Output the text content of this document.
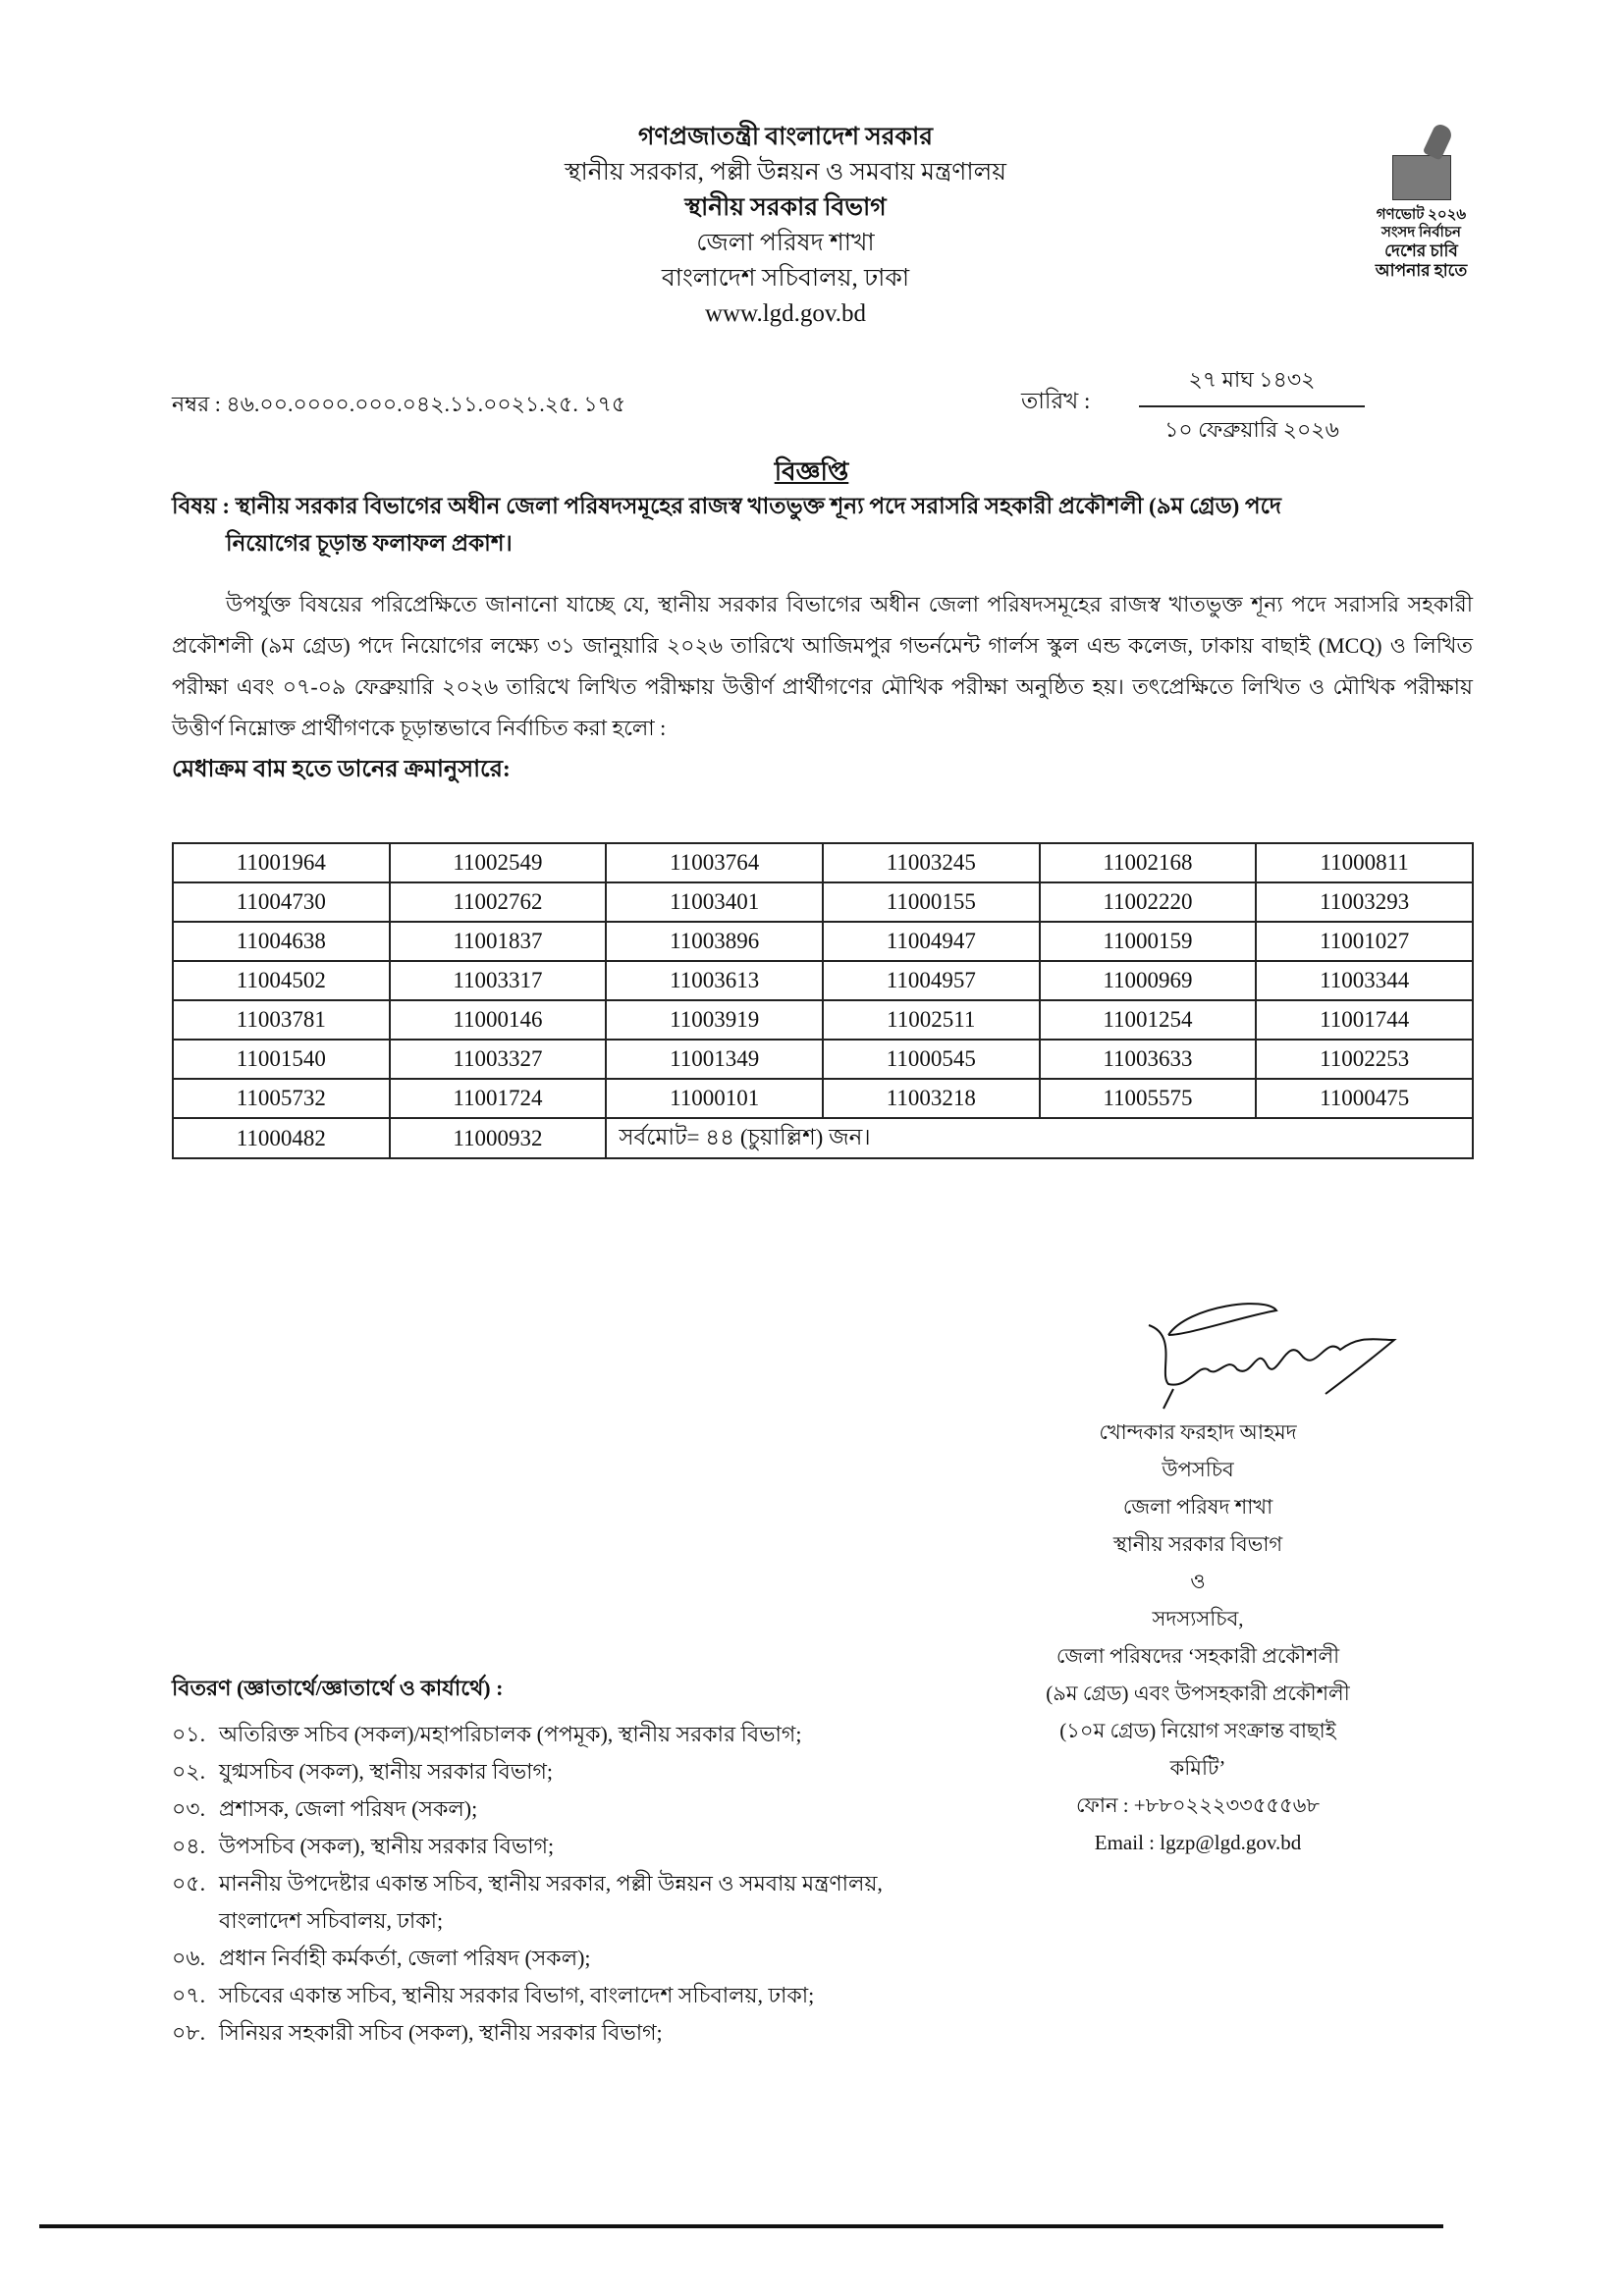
গণপ্রজাতন্ত্রী বাংলাদেশ সরকার
স্থানীয় সরকার, পল্লী উন্নয়ন ও সমবায় মন্ত্রণালয়
স্থানীয় সরকার বিভাগ
জেলা পরিষদ শাখা
বাংলাদেশ সচিবালয়, ঢাকা
www.lgd.gov.bd
গণভোট ২০২৬
সংসদ নির্বাচন
দেশের চাবি
আপনার হাতে
নম্বর : ৪৬.০০.০০০০.০০০.০৪২.১১.০০২১.২৫. ১৭৫	তারিখ :
২৭ মাঘ ১৪৩২
১০ ফেব্রুয়ারি ২০২৬
বিজ্ঞপ্তি
বিষয় : স্থানীয় সরকার বিভাগের অধীন জেলা পরিষদসমূহের রাজস্ব খাতভুক্ত শূন্য পদে সরাসরি সহকারী প্রকৌশলী (৯ম গ্রেড) পদে
নিয়োগের চূড়ান্ত ফলাফল প্রকাশ।
উপর্যুক্ত বিষয়ের পরিপ্রেক্ষিতে জানানো যাচ্ছে যে, স্থানীয় সরকার বিভাগের অধীন জেলা পরিষদসমূহের রাজস্ব খাতভুক্ত শূন্য পদে সরাসরি সহকারী প্রকৌশলী (৯ম গ্রেড) পদে নিয়োগের লক্ষ্যে ৩১ জানুয়ারি ২০২৬ তারিখে আজিমপুর গভর্নমেন্ট গার্লস স্কুল এন্ড কলেজ, ঢাকায় বাছাই (MCQ) ও লিখিত পরীক্ষা এবং ০৭-০৯ ফেব্রুয়ারি ২০২৬ তারিখে লিখিত পরীক্ষায় উত্তীর্ণ প্রার্থীগণের মৌখিক পরীক্ষা অনুষ্ঠিত হয়। তৎপ্রেক্ষিতে লিখিত ও মৌখিক পরীক্ষায় উত্তীর্ণ নিম্নোক্ত প্রার্থীগণকে চূড়ান্তভাবে নির্বাচিত করা হলো :
মেধাক্রম বাম হতে ডানের ক্রমানুসারে:
11001964	11002549	11003764	11003245	11002168	11000811
11004730	11002762	11003401	11000155	11002220	11003293
11004638	11001837	11003896	11004947	11000159	11001027
11004502	11003317	11003613	11004957	11000969	11003344
11003781	11000146	11003919	11002511	11001254	11001744
11001540	11003327	11001349	11000545	11003633	11002253
11005732	11001724	11000101	11003218	11005575	11000475
11000482	11000932	সর্বমোট= ৪৪ (চুয়াল্লিশ) জন।			
খোন্দকার ফরহাদ আহমদ
উপসচিব
জেলা পরিষদ শাখা
স্থানীয় সরকার বিভাগ
ও
সদস্যসচিব,
জেলা পরিষদের ‘সহকারী প্রকৌশলী
(৯ম গ্রেড) এবং উপসহকারী প্রকৌশলী
(১০ম গ্রেড) নিয়োগ সংক্রান্ত বাছাই
কমিটি’
ফোন : +৮৮০২২২৩৩৫৫৫৬৮
Email : lgzp@lgd.gov.bd
বিতরণ (জ্ঞাতার্থে/জ্ঞাতার্থে ও কার্যার্থে) :
০১. অতিরিক্ত সচিব (সকল)/মহাপরিচালক (পপমূক), স্থানীয় সরকার বিভাগ;
০২. যুগ্মসচিব (সকল), স্থানীয় সরকার বিভাগ;
০৩. প্রশাসক, জেলা পরিষদ (সকল);
০৪. উপসচিব (সকল), স্থানীয় সরকার বিভাগ;
০৫. মাননীয় উপদেষ্টার একান্ত সচিব, স্থানীয় সরকার, পল্লী উন্নয়ন ও সমবায় মন্ত্রণালয়, বাংলাদেশ সচিবালয়, ঢাকা;
০৬. প্রধান নির্বাহী কর্মকর্তা, জেলা পরিষদ (সকল);
০৭. সচিবের একান্ত সচিব, স্থানীয় সরকার বিভাগ, বাংলাদেশ সচিবালয়, ঢাকা;
০৮. সিনিয়র সহকারী সচিব (সকল), স্থানীয় সরকার বিভাগ;
